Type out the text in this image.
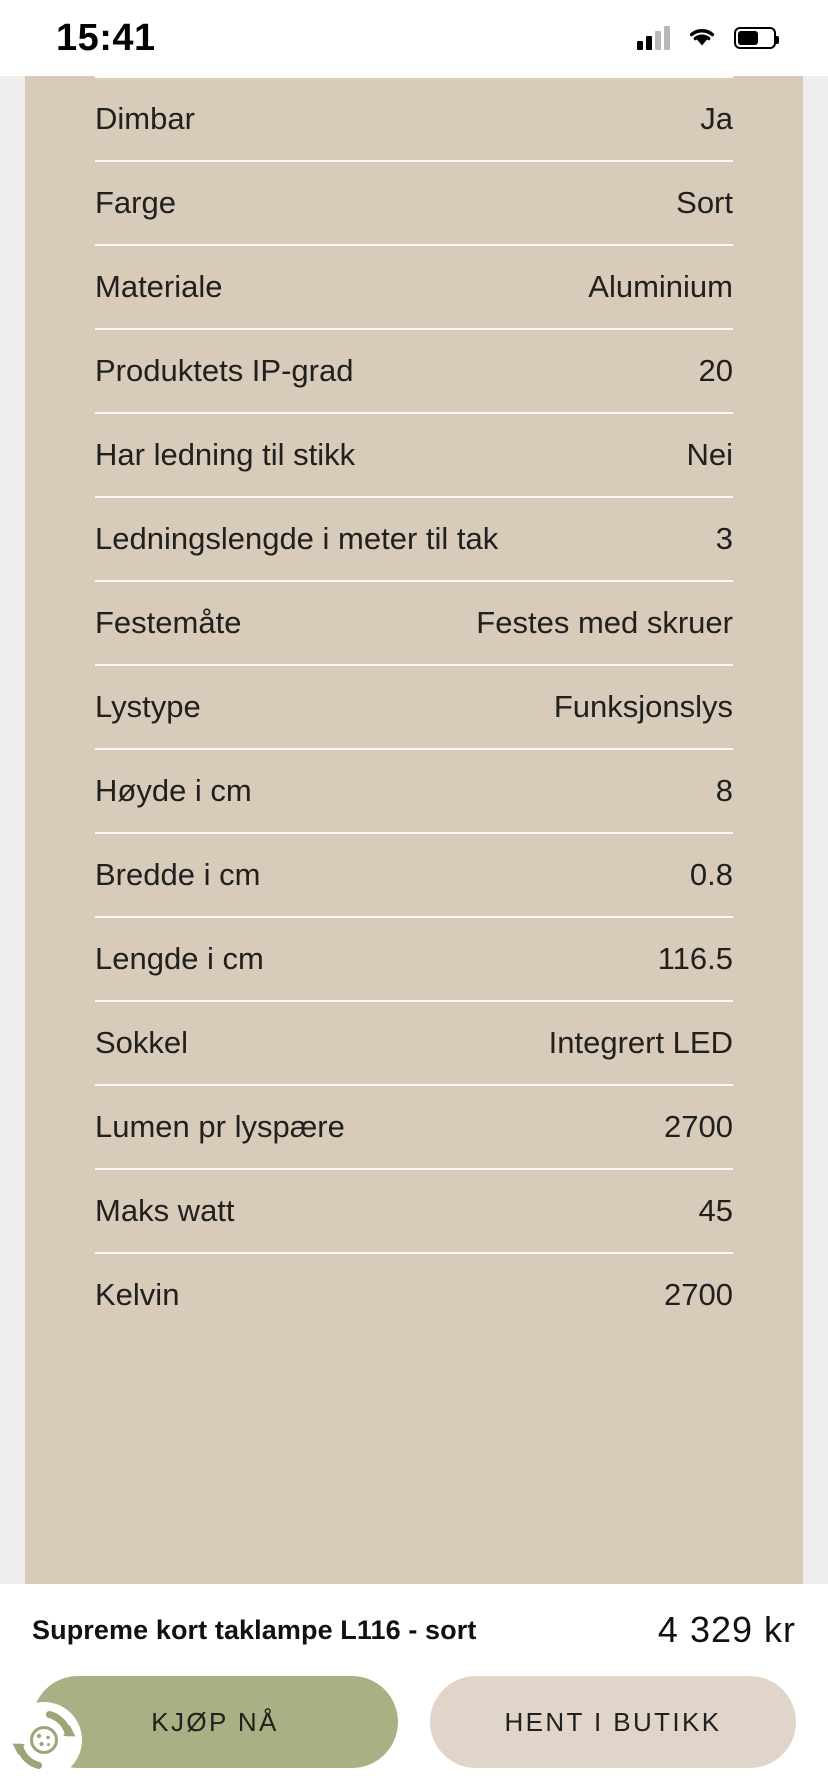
15:41
Dimbar	Ja
Farge	Sort
Materiale	Aluminium
Produktets IP-grad	20
Har ledning til stikk	Nei
Ledningslengde i meter til tak	3
Festemåte	Festes med skruer
Lystype	Funksjonslys
Høyde i cm	8
Bredde i cm	0.8
Lengde i cm	116.5
Sokkel	Integrert LED
Lumen pr lyspære	2700
Maks watt	45
Kelvin	2700
Supreme kort taklampe L116 - sort	4 329 kr
KJØP NÅ	HENT I BUTIKK
